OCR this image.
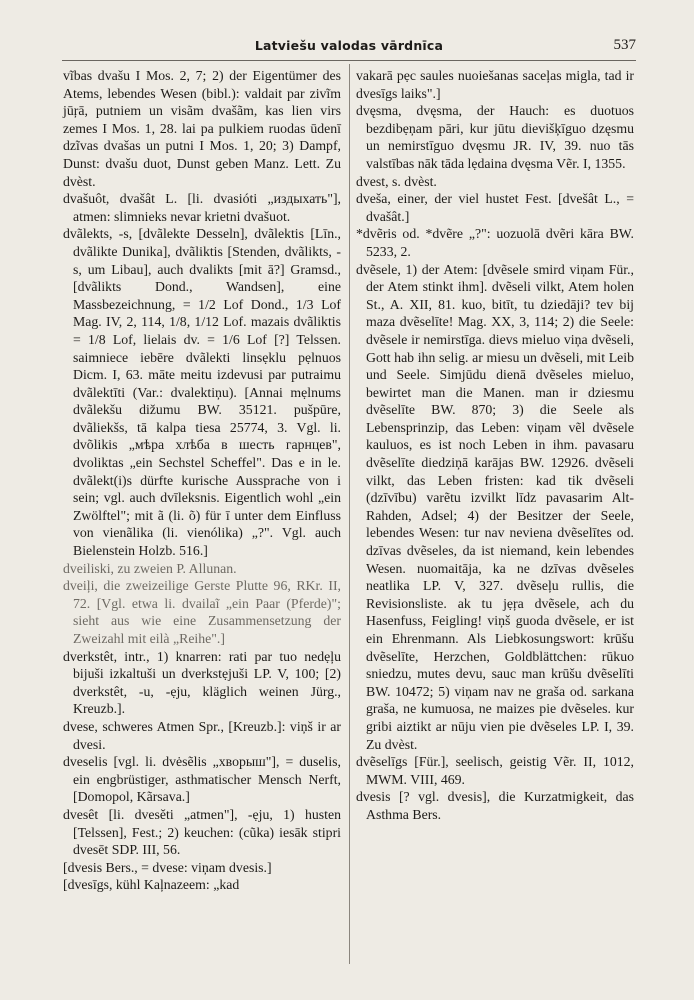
Latviešu valodas vārdnīca	537

vĩbas dvašu I Mos. 2, 7; 2) der Eigentümer des Atems, lebendes Wesen (bibl.): valdait par zivĩm jūŗā, putniem un visãm dvašãm, kas lien virs zemes I Mos. 1, 28. lai pa pulkiem ruodas ūdenī dzĩvas dvašas un putni I Mos. 1, 20; 3) Dampf, Dunst: dvašu duot, Dunst geben Manz. Lett. Zu dvèst.

dvašuôt, dvašât L. [li. dvasióti „издыхать"], atmen: slimnieks nevar krietni dvašuot.

dvãlekts, -s, [dvãlekte Desseln], dvãlektis [Līn., dvãlikte Dunika], dvãliktis [Stenden, dvãlikts, -s, um Libau], auch dvalikts [mit ā?] Gramsd., [dvãlikts Dond., Wandsen], eine Massbezeichnung, = 1/2 Lof Dond., 1/3 Lof Mag. IV, 2, 114, 1/8, 1/12 Lof. mazais dvãliktis = 1/8 Lof, lielais dv. = 1/6 Lof [?] Telssen. saimniece iebēre dvãlekti linsẹklu pẹlnuos Dicm. I, 63. māte meitu izdevusi par putraimu dvãlektīti (Var.: dvalektiņu). [Annai mẹlnums dvãlekšu dižumu BW. 35121. pušpūre, dvãliekšs, tā kalpa tiesa 25774, 3. Vgl. li. dvõlikis „мѣра хлѣба в шесть гарнцев", dvoliktas „ein Sechstel Scheffel". Das e in le. dvãlekt(i)s dürfte kurische Aussprache von i sein; vgl. auch dvīleksnis. Eigentlich wohl „ein Zwölftel"; mit ã (li. õ) für ī unter dem Einfluss von vienãlika (li. vienólika) „?". Vgl. auch Bielenstein Holzb. 516.]

dveiliski, zu zweien P. Allunan.

dveiļi, die zweizeilige Gerste Plutte 96, RKr. II, 72. [Vgl. etwa li. dvailaĩ „ein Paar (Pferde)"; sieht aus wie eine Zusammensetzung der Zweizahl mit eilà „Reihe".]

dverkstêt, intr., 1) knarren: rati par tuo nedẹļu bijuši izkaltuši un dverkstẹjuši LP. V, 100; [2) dverkstêt, -u, -ẹju, kläglich weinen Jürg., Kreuzb.].

dvese, schweres Atmen Spr., [Kreuzb.]: viņš ir ar dvesi.

dveselis [vgl. li. dvėsẽlis „хворыш"], = duselis, ein engbrüstiger, asthmatischer Mensch Nerft, [Domopol, Kãrsava.]

dvesêt [li. dvesěti „atmen"], -ẹju, 1) husten [Telssen], Fest.; 2) keuchen: (cũka) iesāk stipri dvesēt SDP. III, 56.

[dvesis Bers., = dvese: viņam dvesis.]

[dvesīgs, kühl Kaļnazeem: „kad

vakarā pẹc saules nuoiešanas saceļas migla, tad ir dvesīgs laiks".]

dvęsma, dvęsma, der Hauch: es duotuos bezdibẹņam pāri, kur jūtu dievišķīguo dzęsmu un nemirstīguo dvęsmu JR. IV, 39. nuo tās valstības nāk tāda lẹdaina dvęsma Vẽr. I, 1355.

dvest, s. dvèst.

dveša, einer, der viel hustet Fest. [dvešât L., = dvašât.]

*dvẽris od. *dvẽre „?": uozuolā dvẽri kāra BW. 5233, 2.

dvẽsele, 1) der Atem: [dvẽsele smird viņam Für., der Atem stinkt ihm]. dvẽseli vilkt, Atem holen St., A. XII, 81. kuo, bitīt, tu dziedāji? tev bij maza dvẽselīte! Mag. XX, 3, 114; 2) die Seele: dvẽsele ir nemirstīga. dievs mieluo viņa dvẽseli, Gott hab ihn selig. ar miesu un dvẽseli, mit Leib und Seele. Simjūdu dienā dvẽseles mieluo, bewirtet man die Manen. man ir dziesmu dvẽselīte BW. 870; 3) die Seele als Lebensprinzip, das Leben: viņam vẽl dvẽsele kauluos, es ist noch Leben in ihm. pavasaru dvẽselīte diedziņā karājas BW. 12926. dvẽseli vilkt, das Leben fristen: kad tik dvẽseli (dzīvību) varẽtu izvilkt līdz pavasarim Alt-Rahden, Adsel; 4) der Besitzer der Seele, lebendes Wesen: tur nav neviena dvẽselītes od. dzīvas dvẽseles, da ist niemand, kein lebendes Wesen. nuomaitāja, ka ne dzīvas dvẽseles neatlika LP. V, 327. dvẽseļu rullis, die Revisionsliste. ak tu jẹŗa dvẽsele, ach du Hasenfuss, Feigling! viņš guoda dvẽsele, er ist ein Ehrenmann. Als Liebkosungswort: krūšu dvẽselīte, Herzchen, Goldblättchen: rūkuo sniedzu, mutes devu, sauc man krūšu dvẽselīti BW. 10472; 5) viņam nav ne graša od. sarkana graša, ne kumuosa, ne maizes pie dvẽseles. kur gribi aiztikt ar nūju vien pie dvẽseles LP. I, 39. Zu dvèst.

dvẽselīgs [Für.], seelisch, geistig Vẽr. II, 1012, MWM. VIII, 469.

dvesis [? vgl. dvesis], die Kurzatmigkeit, das Asthma Bers.
